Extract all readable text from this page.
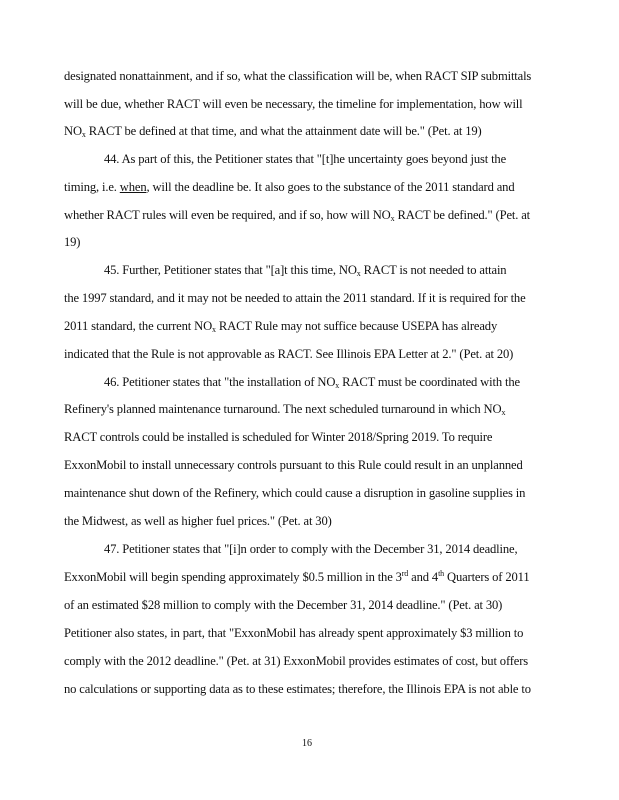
designated nonattainment, and if so, what the classification will be, when RACT SIP submittals
will be due, whether RACT will even be necessary, the timeline for implementation, how will
$NO_x$ RACT be defined at that time, and what the attainment date will be." (Pet. at 19)
44. As part of this, the Petitioner states that "[t]he uncertainty goes beyond just the
timing, i.e. when, will the deadline be. It also goes to the substance of the 2011 standard and
whether RACT rules will even be required, and if so, how will $NO_x$ RACT be defined." (Pet. at
19)
45. Further, Petitioner states that "[a]t this time, $NO_x$ RACT is not needed to attain
the 1997 standard, and it may not be needed to attain the 2011 standard. If it is required for the
2011 standard, the current $NO_x$ RACT Rule may not suffice because USEPA has already
indicated that the Rule is not approvable as RACT. See Illinois EPA Letter at 2." (Pet. at 20)
46. Petitioner states that "the installation of $NO_x$ RACT must be coordinated with the
Refinery's planned maintenance turnaround. The next scheduled turnaround in which $NO_x$
RACT controls could be installed is scheduled for Winter 2018/Spring 2019. To require
ExxonMobil to install unnecessary controls pursuant to this Rule could result in an unplanned
maintenance shut down of the Refinery, which could cause a disruption in gasoline supplies in
the Midwest, as well as higher fuel prices." (Pet. at 30)
47. Petitioner states that "[i]n order to comply with the December 31, 2014 deadline,
ExxonMobil will begin spending approximately $0.5 million in the 3rd and 4th Quarters of 2011
of an estimated $28 million to comply with the December 31, 2014 deadline." (Pet. at 30)
Petitioner also states, in part, that "ExxonMobil has already spent approximately $3 million to
comply with the 2012 deadline." (Pet. at 31) ExxonMobil provides estimates of cost, but offers
no calculations or supporting data as to these estimates; therefore, the Illinois EPA is not able to
16
